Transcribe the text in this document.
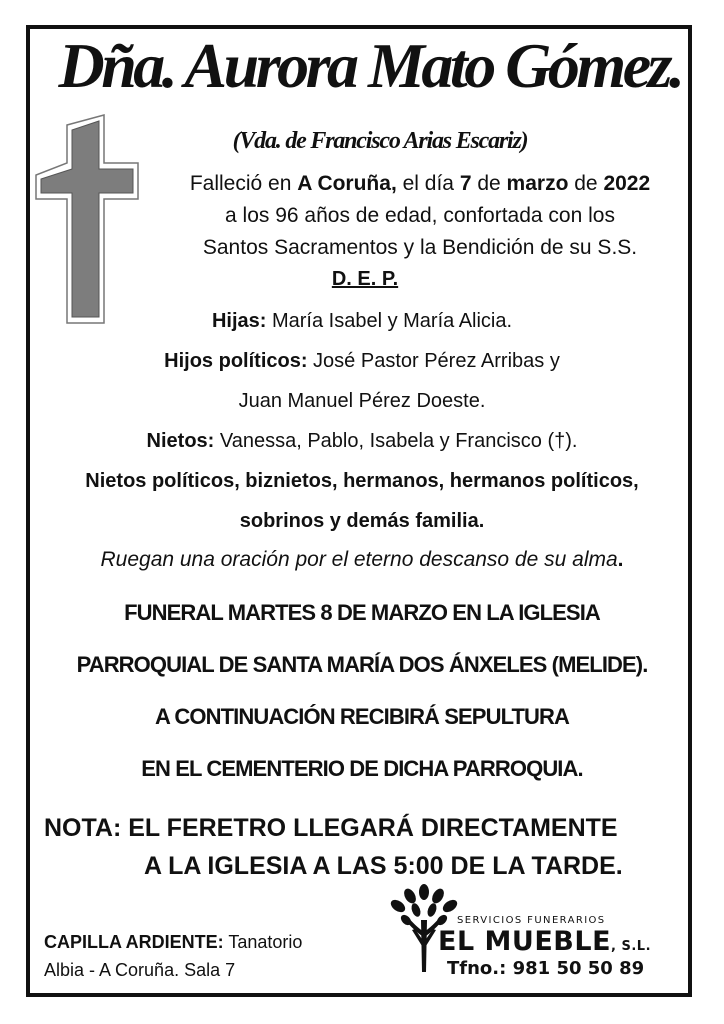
Dña. Aurora Mato Gómez.
(Vda. de Francisco Arias Escariz)
Falleció en A Coruña, el día 7 de marzo de 2022
a los 96 años de edad, confortada con los
Santos Sacramentos y la Bendición de su S.S.
D. E. P.
Hijas: María Isabel y María Alicia.
Hijos políticos: José Pastor Pérez Arribas y
Juan Manuel Pérez Doeste.
Nietos: Vanessa, Pablo, Isabela y Francisco (†).
Nietos políticos, biznietos, hermanos, hermanos políticos,
sobrinos y demás familia.
Ruegan una oración por el eterno descanso de su alma.
FUNERAL MARTES 8 DE MARZO EN LA IGLESIA
PARROQUIAL DE SANTA MARÍA DOS ÁNXELES (MELIDE).
A CONTINUACIÓN RECIBIRÁ SEPULTURA
EN EL CEMENTERIO DE DICHA PARROQUIA.
NOTA: EL FERETRO LLEGARÁ DIRECTAMENTE
A LA IGLESIA A LAS 5:00 DE LA TARDE.
CAPILLA ARDIENTE: Tanatorio
Albia - A Coruña. Sala 7
SERVICIOS FUNERARIOS
EL MUEBLE, S.L.
Tfno.: 981 50 50 89
